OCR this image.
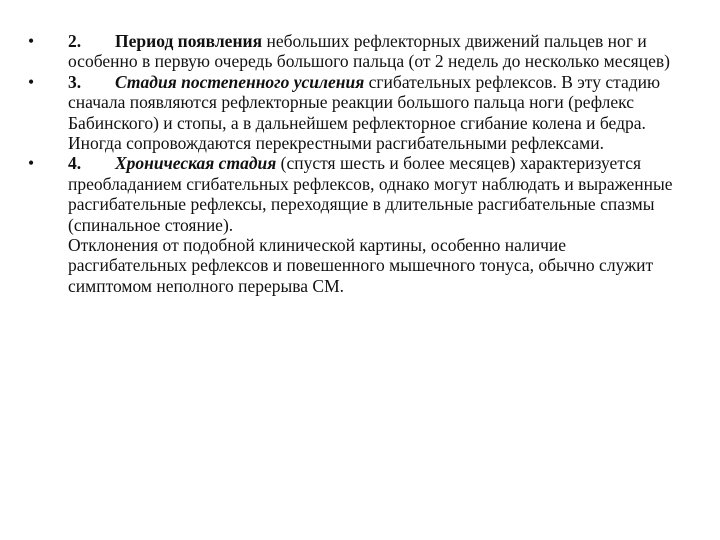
•	2. Период появления небольших рефлекторных движений пальцев ног и особенно в первую очередь большого пальца (от 2 недель до несколько месяцев)

•	3. Стадия постепенного усиления сгибательных рефлексов. В эту стадию сначала появляются рефлекторные реакции большого пальца ноги (рефлекс Бабинского) и стопы, а в дальнейшем рефлекторное сгибание колена и бедра. Иногда сопровождаются перекрестными расгибательными рефлексами.

•	4. Хроническая стадия (спустя шесть и более месяцев) характеризуется преобладанием сгибательных рефлексов, однако могут наблюдать и выраженные расгибательные рефлексы, переходящие в длительные расгибательные спазмы (спинальное стояние).

Отклонения от подобной клинической картины, особенно наличие расгибательных рефлексов и повешенного мышечного тонуса, обычно служит симптомом неполного перерыва СМ.
